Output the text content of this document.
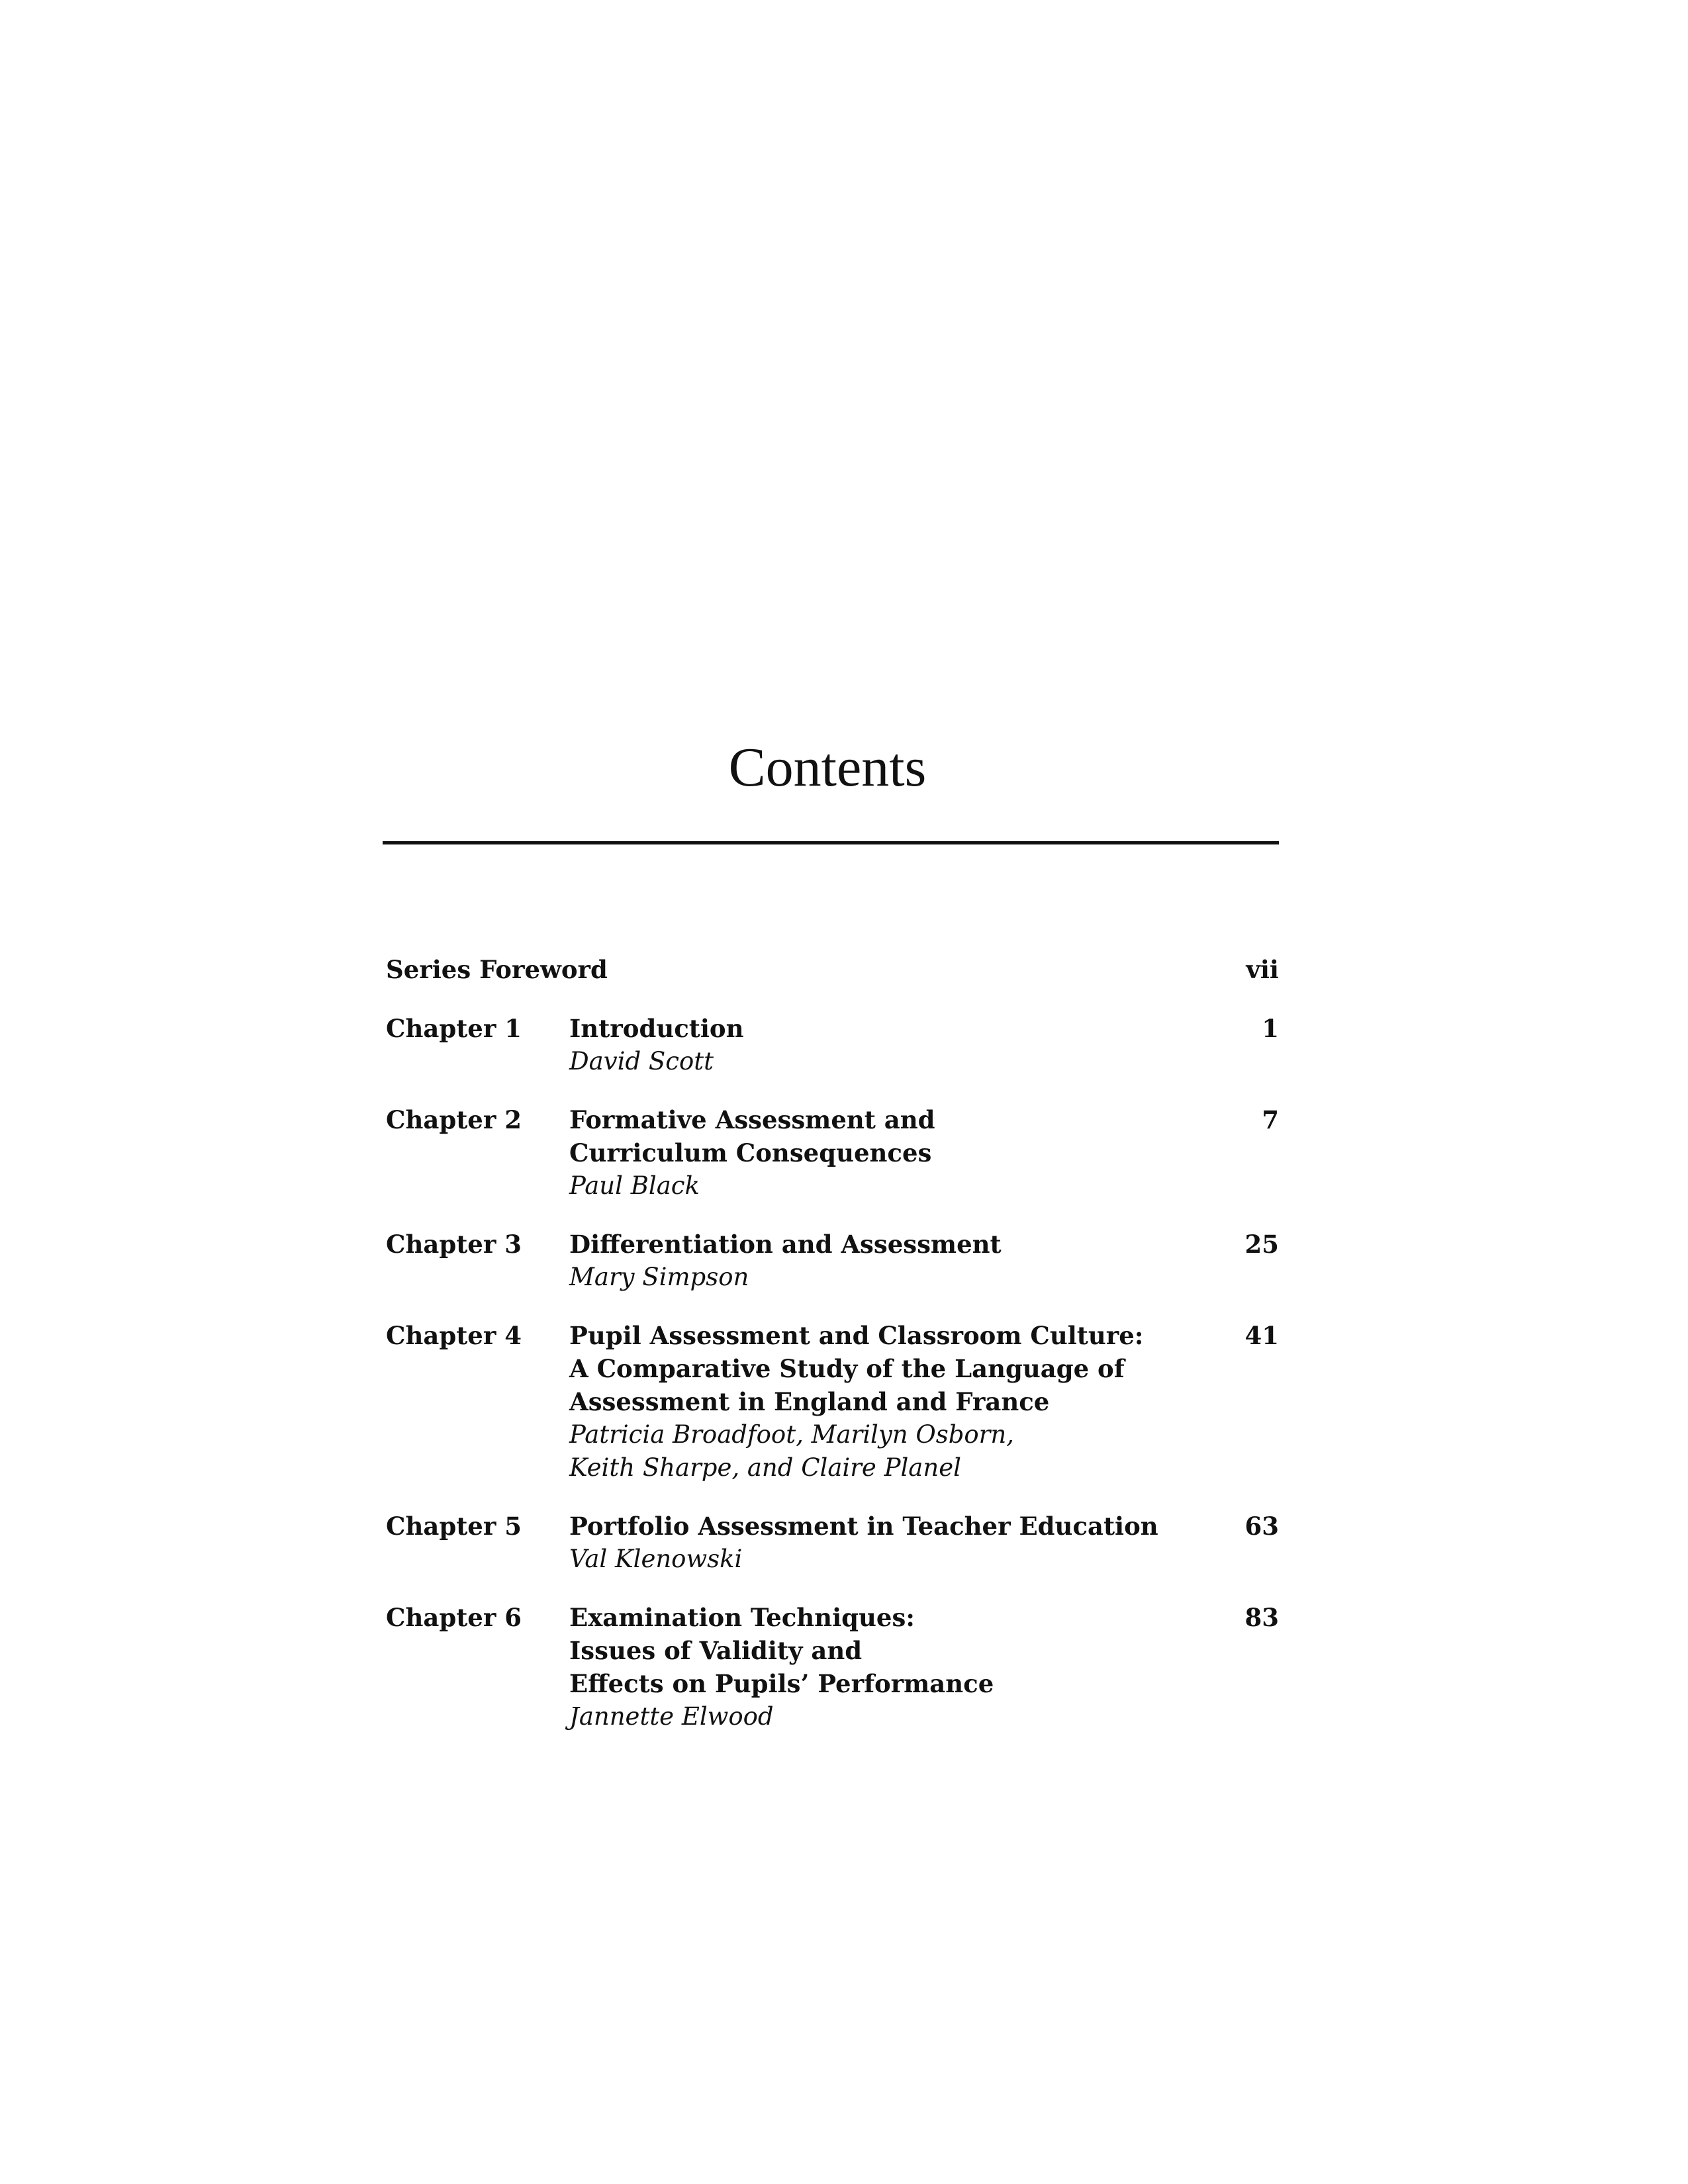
Contents
Series Foreword	vii
Chapter 1 Introduction
David Scott
1
Chapter 2 Formative Assessment and
Curriculum Consequences
Paul Black
7
Chapter 3 Differentiation and Assessment
Mary Simpson
25
Chapter 4 Pupil Assessment and Classroom Culture:
A Comparative Study of the Language of
Assessment in England and France
Patricia Broadfoot, Marilyn Osborn,
Keith Sharpe, and Claire Planel
41
Chapter 5 Portfolio Assessment in Teacher Education
Val Klenowski
63
Chapter 6 Examination Techniques:
Issues of Validity and
Effects on Pupils’ Performance
Jannette Elwood
83
